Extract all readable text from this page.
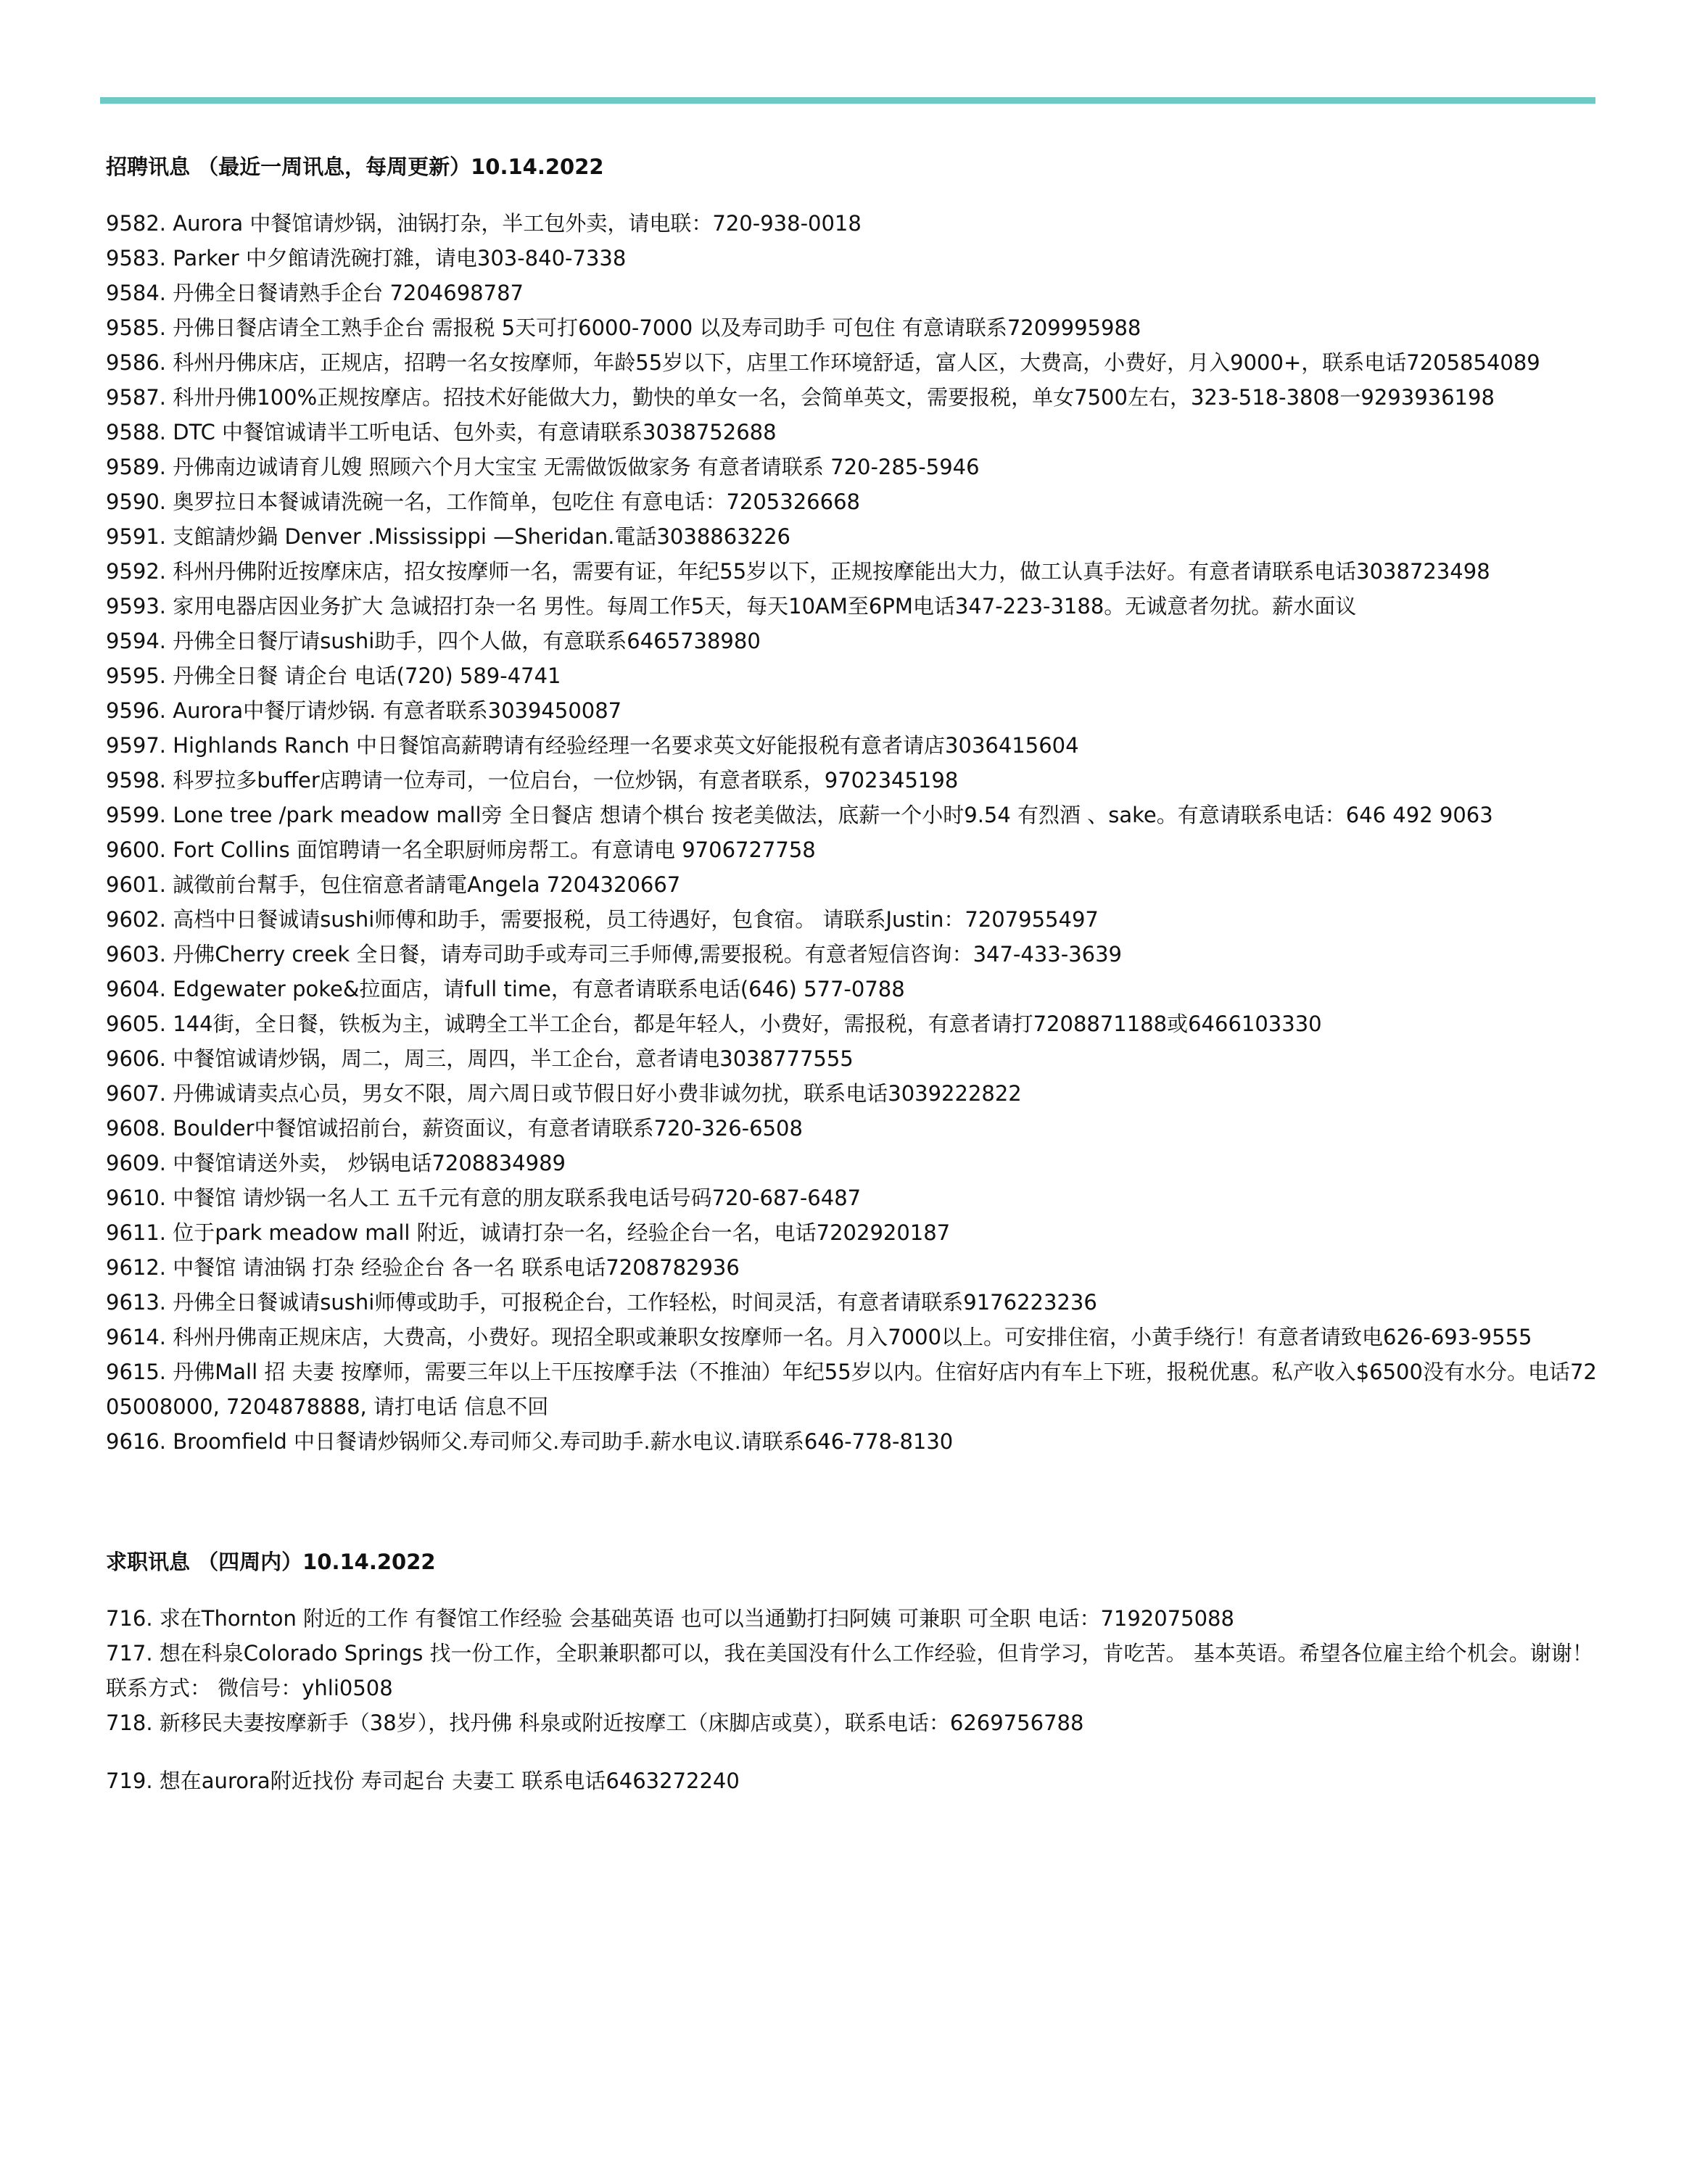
招聘讯息 （最近一周讯息，每周更新）10.14.2022

9582. Aurora 中餐馆请炒锅，油锅打杂，半工包外卖，请电联：720-938-0018

9583. Parker 中夕館请洗碗打雜，请电303-840-7338

9584. 丹佛全日餐请熟手企台 7204698787

9585. 丹佛日餐店请全工熟手企台 需报税 5天可打6000-7000 以及寿司助手 可包住 有意请联系7209995988

9586. 科州丹佛床店，正规店，招聘一名女按摩师，年龄55岁以下，店里工作环境舒适，富人区，大费高，小费好，月入9000+，联系电话7205854089

9587. 科卅丹佛100%正规按摩店。招技术好能做大力，勤快的单女一名，会简单英文，需要报税，单女7500左右，323-518-3808一9293936198

9588. DTC 中餐馆诚请半工听电话、包外卖，有意请联系3038752688

9589. 丹佛南边诚请育儿嫂 照顾六个月大宝宝 无需做饭做家务 有意者请联系 720-285-5946

9590. 奥罗拉日本餐诚请洗碗一名，工作简单，包吃住 有意电话：7205326668

9591. 支館請炒鍋 Denver .Mississippi —Sheridan.電話3038863226

9592. 科州丹佛附近按摩床店，招女按摩师一名，需要有证，年纪55岁以下，正规按摩能出大力，做工认真手法好。有意者请联系电话3038723498

9593. 家用电器店因业务扩大 急诚招打杂一名 男性。每周工作5天，每天10AM至6PM电话347-223-3188。无诚意者勿扰。薪水面议

9594. 丹佛全日餐厅请sushi助手，四个人做，有意联系6465738980

9595. 丹佛全日餐 请企台 电话(720) 589-4741

9596. Aurora中餐厅请炒锅. 有意者联系3039450087

9597. Highlands Ranch 中日餐馆高薪聘请有经验经理一名要求英文好能报税有意者请店3036415604

9598. 科罗拉多buffer店聘请一位寿司，一位启台，一位炒锅，有意者联系，9702345198

9599. Lone tree /park meadow mall旁 全日餐店 想请个棋台 按老美做法，底薪一个小时9.54 有烈酒 、sake。有意请联系电话：646 492 9063

9600. Fort Collins 面馆聘请一名全职厨师房帮工。有意请电 9706727758

9601. 誠徵前台幫手，包住宿意者請電Angela 7204320667

9602. 高档中日餐诚请sushi师傅和助手，需要报税，员工待遇好，包食宿。 请联系Justin：7207955497

9603. 丹佛Cherry creek 全日餐，请寿司助手或寿司三手师傅,需要报税。有意者短信咨询：347-433-3639

9604. Edgewater poke&拉面店，请full time，有意者请联系电话(646) 577-0788

9605. 144街，全日餐，铁板为主，诚聘全工半工企台，都是年轻人，小费好，需报税，有意者请打7208871188或6466103330

9606. 中餐馆诚请炒锅，周二，周三，周四，半工企台，意者请电3038777555

9607. 丹佛诚请卖点心员，男女不限，周六周日或节假日好小费非诚勿扰，联系电话3039222822

9608. Boulder中餐馆诚招前台，薪资面议，有意者请联系720-326-6508

9609. 中餐馆请送外卖， 炒锅电话7208834989

9610. 中餐馆 请炒锅一名人工 五千元有意的朋友联系我电话号码720-687-6487

9611. 位于park meadow mall 附近，诚请打杂一名，经验企台一名，电话7202920187

9612. 中餐馆 请油锅 打杂 经验企台 各一名 联系电话7208782936

9613. 丹佛全日餐诚请sushi师傅或助手，可报税企台，工作轻松，时间灵活，有意者请联系9176223236

9614. 科州丹佛南正规床店，大费高，小费好。现招全职或兼职女按摩师一名。月入7000以上。可安排住宿，小黄手绕行！有意者请致电626-693-9555

9615. 丹佛Mall 招 夫妻 按摩师，需要三年以上干压按摩手法（不推油）年纪55岁以内。住宿好店内有车上下班，报税优惠。私产收入$6500没有水分。电话7205008000, 7204878888, 请打电话 信息不回

9616. Broomfield 中日餐请炒锅师父.寿司师父.寿司助手.薪水电议.请联系646-778-8130

求职讯息 （四周内）10.14.2022

716. 求在Thornton 附近的工作 有餐馆工作经验 会基础英语 也可以当通勤打扫阿姨 可兼职 可全职 电话：7192075088

717. 想在科泉Colorado Springs 找一份工作，全职兼职都可以，我在美国没有什么工作经验，但肯学习，肯吃苦。 基本英语。希望各位雇主给个机会。谢谢！联系方式： 微信号：yhli0508

718. 新移民夫妻按摩新手（38岁），找丹佛 科泉或附近按摩工（床脚店或莫），联系电话：6269756788

719. 想在aurora附近找份 寿司起台 夫妻工 联系电话6463272240
